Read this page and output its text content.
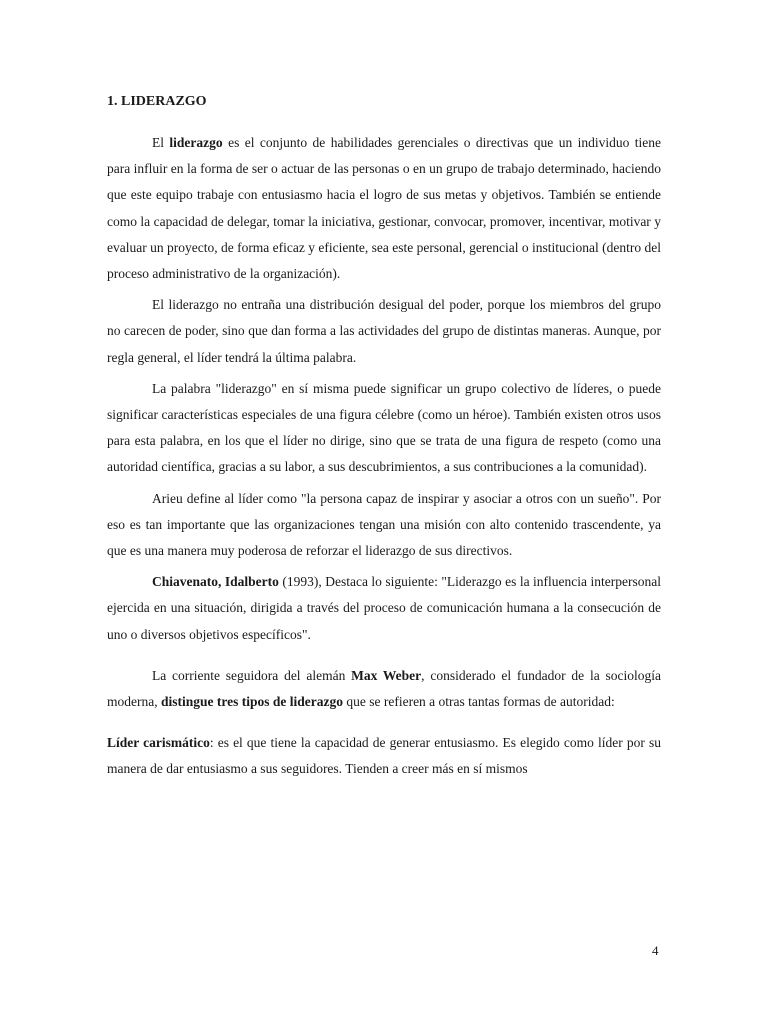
1. LIDERAZGO

El liderazgo es el conjunto de habilidades gerenciales o directivas que un individuo tiene para influir en la forma de ser o actuar de las personas o en un grupo de trabajo determinado, haciendo que este equipo trabaje con entusiasmo hacia el logro de sus metas y objetivos. También se entiende como la capacidad de delegar, tomar la iniciativa, gestionar, convocar, promover, incentivar, motivar y evaluar un proyecto, de forma eficaz y eficiente, sea este personal, gerencial o institucional (dentro del proceso administrativo de la organización).

El liderazgo no entraña una distribución desigual del poder, porque los miembros del grupo no carecen de poder, sino que dan forma a las actividades del grupo de distintas maneras. Aunque, por regla general, el líder tendrá la última palabra.

La palabra "liderazgo" en sí misma puede significar un grupo colectivo de líderes, o puede significar características especiales de una figura célebre (como un héroe). También existen otros usos para esta palabra, en los que el líder no dirige, sino que se trata de una figura de respeto (como una autoridad científica, gracias a su labor, a sus descubrimientos, a sus contribuciones a la comunidad).

Arieu define al líder como "la persona capaz de inspirar y asociar a otros con un sueño". Por eso es tan importante que las organizaciones tengan una misión con alto contenido trascendente, ya que es una manera muy poderosa de reforzar el liderazgo de sus directivos.

Chiavenato, Idalberto (1993), Destaca lo siguiente: "Liderazgo es la influencia interpersonal ejercida en una situación, dirigida a través del proceso de comunicación humana a la consecución de uno o diversos objetivos específicos".

La corriente seguidora del alemán Max Weber, considerado el fundador de la sociología moderna, distingue tres tipos de liderazgo que se refieren a otras tantas formas de autoridad:

Líder carismático: es el que tiene la capacidad de generar entusiasmo. Es elegido como líder por su manera de dar entusiasmo a sus seguidores. Tienden a creer más en sí mismos

4
